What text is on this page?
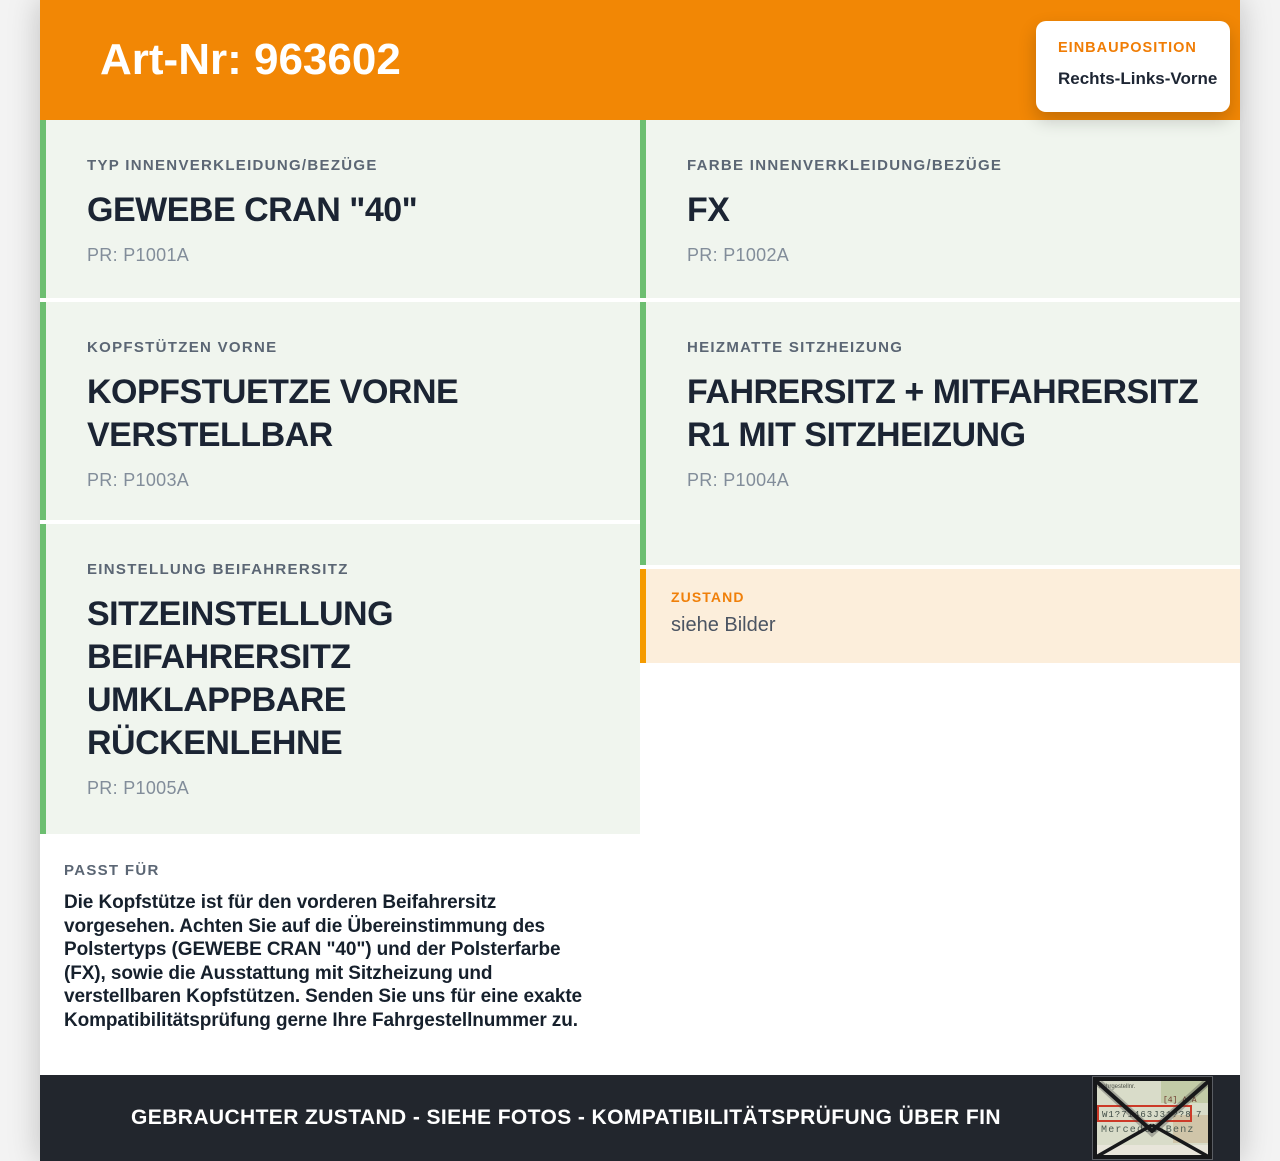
Art-Nr: 963602	EINBAUPOSITION
Rechts-Links-Vorne
TYP INNENVERKLEIDUNG/BEZÜGE
GEWEBE CRAN "40"
PR: P1001A
KOPFSTÜTZEN VORNE
KOPFSTUETZE VORNE VERSTELLBAR
PR: P1003A
EINSTELLUNG BEIFAHRERSITZ
SITZEINSTELLUNG BEIFAHRERSITZ UMKLAPPBARE RÜCKENLEHNE
PR: P1005A
PASST FÜR
Die Kopfstütze ist für den vorderen Beifahrersitz vorgesehen. Achten Sie auf die Übereinstimmung des Polstertyps (GEWEBE CRAN "40") und der Polsterfarbe (FX), sowie die Ausstattung mit Sitzheizung und verstellbaren Kopfstützen. Senden Sie uns für eine exakte Kompatibilitätsprüfung gerne Ihre Fahrgestellnummer zu.
FARBE INNENVERKLEIDUNG/BEZÜGE
FX
PR: P1002A
HEIZMATTE SITZHEIZUNG
FAHRERSITZ + MITFAHRERSITZ R1 MIT SITZHEIZUNG
PR: P1004A
ZUSTAND
siehe Bilder
GEBRAUCHTER ZUSTAND - SIEHE FOTOS - KOMPATIBILITÄTSPRÜFUNG ÜBER FIN
Fahrgestellnr.
[4] A/A
W1?71463J31??8 7
Mercedes-Benz
